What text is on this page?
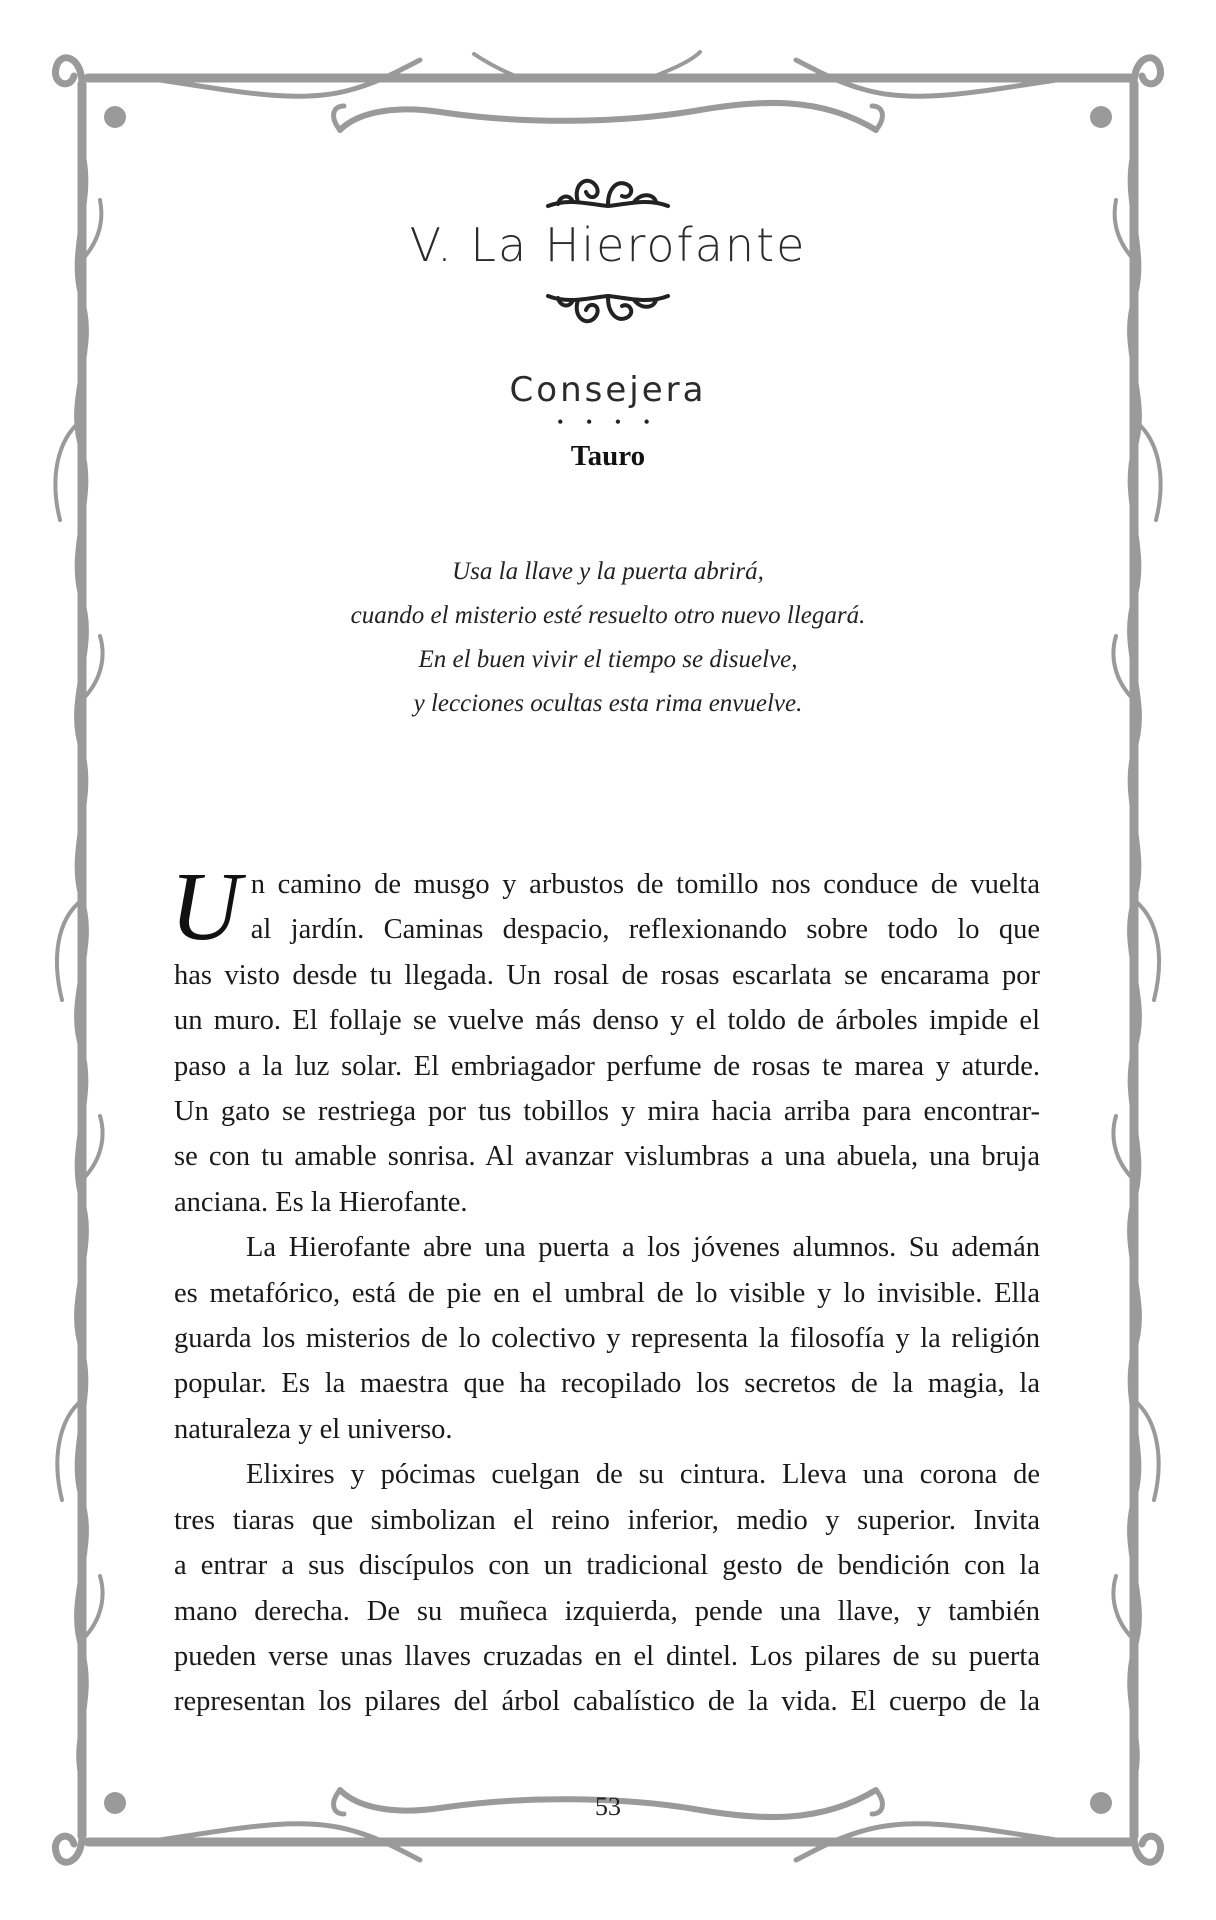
V. La Hierofante
Consejera
• • • •
Tauro

Usa la llave y la puerta abrirá,

cuando el misterio esté resuelto otro nuevo llegará.

En el buen vivir el tiempo se disuelve,

y lecciones ocultas esta rima envuelve.

U n camino de musgo y arbustos de tomillo nos conduce de vuelta

al jardín. Caminas despacio, reflexionando sobre todo lo que

has visto desde tu llegada. Un rosal de rosas escarlata se encarama por

un muro. El follaje se vuelve más denso y el toldo de árboles impide el

paso a la luz solar. El embriagador perfume de rosas te marea y aturde.

Un gato se restriega por tus tobillos y mira hacia arriba para encontrar-

se con tu amable sonrisa. Al avanzar vislumbras a una abuela, una bruja

anciana. Es la Hierofante.

La Hierofante abre una puerta a los jóvenes alumnos. Su ademán

es metafórico, está de pie en el umbral de lo visible y lo invisible. Ella

guarda los misterios de lo colectivo y representa la filosofía y la religión

popular. Es la maestra que ha recopilado los secretos de la magia, la

naturaleza y el universo.

Elixires y pócimas cuelgan de su cintura. Lleva una corona de

tres tiaras que simbolizan el reino inferior, medio y superior. Invita

a entrar a sus discípulos con un tradicional gesto de bendición con la

mano derecha. De su muñeca izquierda, pende una llave, y también

pueden verse unas llaves cruzadas en el dintel. Los pilares de su puerta

representan los pilares del árbol cabalístico de la vida. El cuerpo de la

53
